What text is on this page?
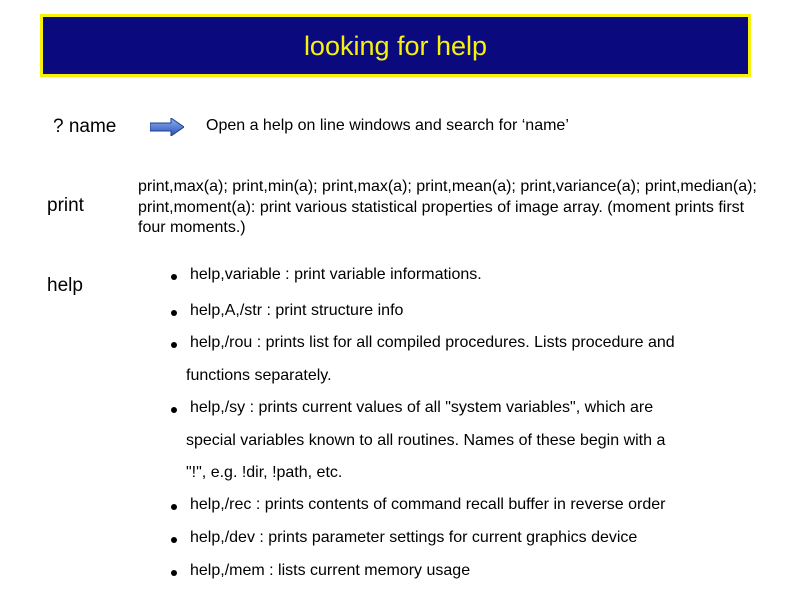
looking for help
? name	Open a help on line windows and search for ‘name’
print
print,max(a); print,min(a); print,max(a); print,mean(a); print,variance(a); print,median(a); print,moment(a): print various statistical properties of image array. (moment prints first four moments.)
help
help,variable : print variable informations.
help,A,/str : print structure info
help,/rou : prints list for all compiled procedures. Lists procedure and
functions separately.
help,/sy : prints current values of all "system variables", which are
special variables known to all routines. Names of these begin with a
"!", e.g. !dir, !path, etc.
help,/rec : prints contents of command recall buffer in reverse order
help,/dev : prints parameter settings for current graphics device
help,/mem : lists current memory usage
